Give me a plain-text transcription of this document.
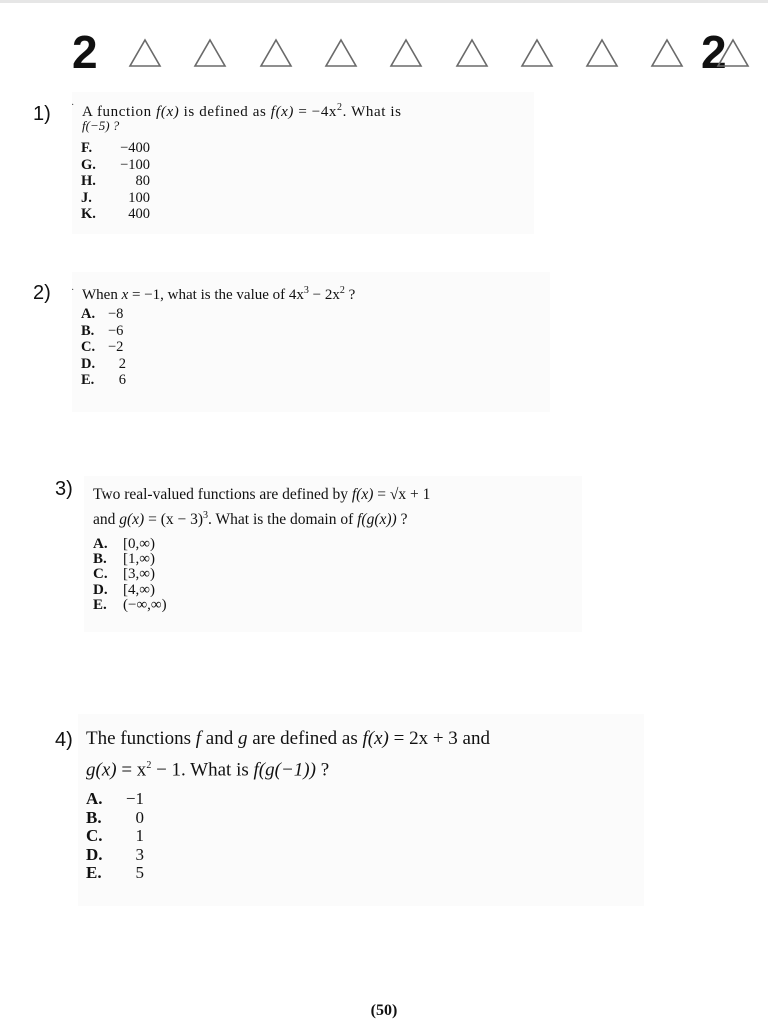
2	2
1) · A function f(x) is defined as $f(x) = -4x^2$. What is
f(−5) ?
F.	−400
G.	−100
H.	80
J.	100
K.	400
2) · When x = −1, what is the value of $4x^3 - 2x^2$ ?
A. −8
B. −6
C. −2
D.	2
E.	6
3) Two real-valued functions are defined by f(x) = √x + 1
and $g(x) = (x - 3)^3$. What is the domain of f(g(x)) ?
A.	[0,∞)
B.	[1,∞)
C.	[3,∞)
D.	[4,∞)
E.	(−∞,∞)
4) The functions f and g are defined as f(x) = 2x + 3 and
$g(x) = x^2 - 1$. What is f(g(−1)) ?
A.	−1
B.	0
C.	1
D.	3
E.	5
(50)
